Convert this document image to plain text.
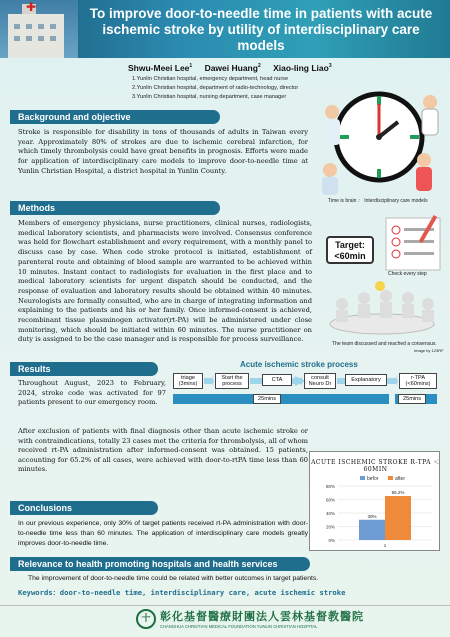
✚	To improve door-to-needle time in patients with acute ischemic stroke by utility of interdisciplinary care models
Shwu-Meei Lee$^1$ Dawei Huang$^2$ Xiao-ling Liao$^3$
1.Yunlin Christian hospital, emergency department, head nurse
2.Yunlin Christian hospital, department of radio-technology, director
3.Yunlin Christian hospital, nursing department, case manager
Background and objective
Stroke is responsible for disability in tens of thousands of adults in Taiwan every year. Approximately 80% of strokes are due to ischemic cerebral infarction, for which timely thrombolysis could have great benefits in prognosis. Efforts were made for application of interdisciplinary care models to improve door-to-needle time at Yunlin Christian Hospital, a district hospital in Yunlin County.
Time is brain ： Interdisciplinary care models
Methods
Members of emergency physicians, nurse practitioners, clinical nurses, radiologists, medical laboratory scientists, and pharmacists were involved. Consensus conference was held for flowchart establishment and every requirement, with a monthly panel to discuss case by case. When code stroke protocol is initiated, establishment of parenteral route and obtaining of blood sample are warranted to be achieved within 10 minutes. Instant contact to radiologists for evaluation in the first place and to medical laboratory scientists for urgent dispatch should be conducted, and the response of evaluation and laboratory results should be obtained within 40 minutes. Neurologists are formally consulted, who are in charge of integrating information and explaining to the patients and his or her family. Once informed-consent is achieved, recombinant tissue plasminogen activator(rt-PA) will be administered under close monitoring, which should be initiated within 60 minutes. The nurse practitioner on duty is assigned to be the case manager and is responsible for process surveillance.
Target:
<60min
Check every step
The team discussed and reached a consensus.
Image by 123RF
Results
Throughout August, 2023 to February, 2024, stroke code was activated for 97 patients present to our emergency room.
After exclusion of patients with final diagnosis other than acute ischemic stroke or with contraindications, totally 23 cases met the criteria for thrombolysis, all of whom received rt-PA administration after informed-consent was obtained. 15 patients, accounting for 65.2% of all cases, were achieved with door-to-rtPA time less than 60 minutes.
Acute ischemic stroke process
triage
(3mins)
Start the process
CTA	consult Neuro Dr
Explanatory	r-TPA
(<60mins)
25mins	25mins
ACUTE ISCHEMIC STROKE R-TPA ＜60MIN
0%
20%
40%
60%
80%
befor	after
30%
65.2%
1
Conclusions
In our previous experience, only 30% of target patients received rt-PA administration with door-to-needle time less than 60 minutes. The application of interdisciplinary care models greatly improves door-to-needle time.
Relevance to health promoting hospitals and health services
The improvement of door-to-needle time could be related with better outcomes in target patients.
Keywords：door-to-needle time, interdisciplinary care, acute ischemic stroke
十 彰化基督醫療財團法人雲林基督教醫院
CHANGHUA CHRISTIAN MEDICAL FOUNDATION YUNLIN CHRISTIAN HOSPITAL
